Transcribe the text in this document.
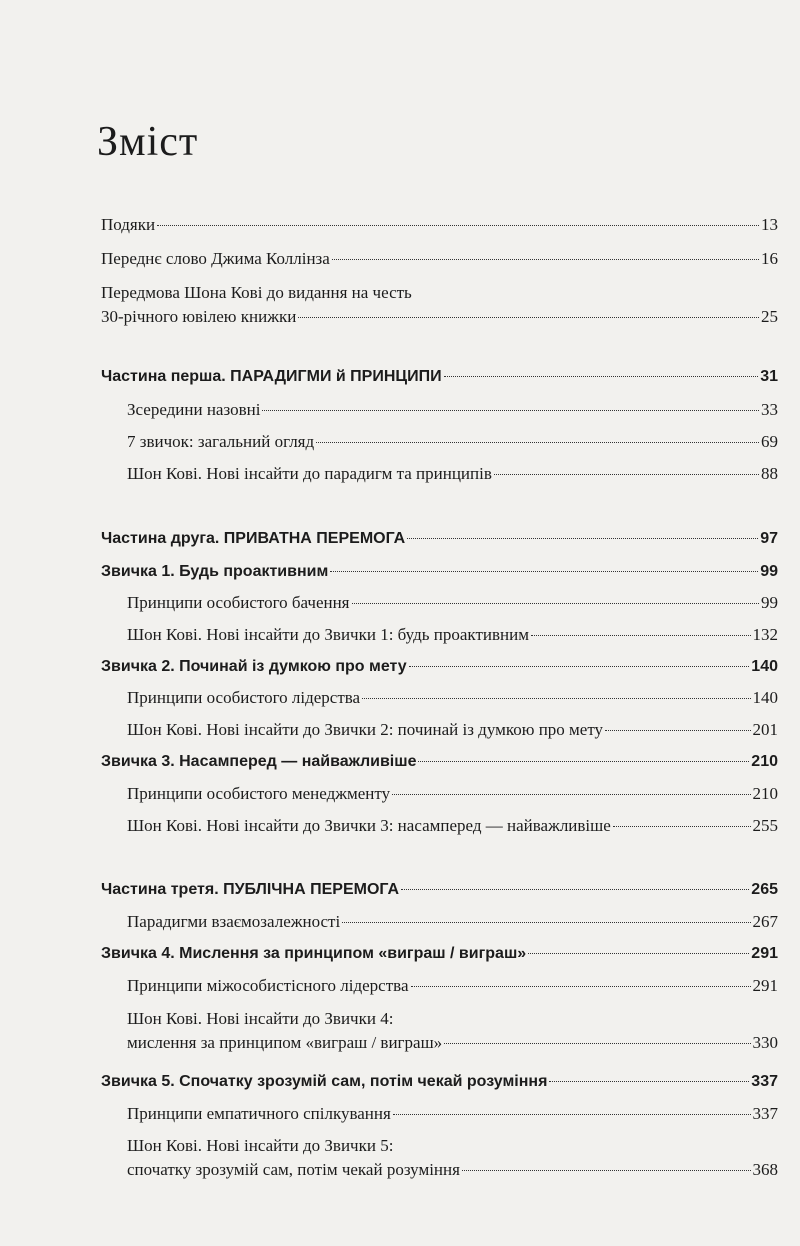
Зміст
Подяки	13
Переднє слово Джима Коллінза	16
Передмова Шона Кові до видання на честь
30-річного ювілею книжки	25
Частина перша. ПАРАДИГМИ й ПРИНЦИПИ	31
Зсередини назовні	33
7 звичок: загальний огляд	69
Шон Кові. Нові інсайти до парадигм та принципів	88
Частина друга. ПРИВАТНА ПЕРЕМОГА	97
Звичка 1. Будь проактивним	99
Принципи особистого бачення	99
Шон Кові. Нові інсайти до Звички 1: будь проактивним	132
Звичка 2. Починай із думкою про мету	140
Принципи особистого лідерства	140
Шон Кові. Нові інсайти до Звички 2: починай із думкою про мету	201
Звичка 3. Насамперед — найважливіше	210
Принципи особистого менеджменту	210
Шон Кові. Нові інсайти до Звички 3: насамперед — найважливіше	255
Частина третя. ПУБЛІЧНА ПЕРЕМОГА	265
Парадигми взаємозалежності	267
Звичка 4. Мислення за принципом «виграш / виграш»	291
Принципи міжособистісного лідерства	291
Шон Кові. Нові інсайти до Звички 4:
мислення за принципом «виграш / виграш»	330
Звичка 5. Спочатку зрозумій сам, потім чекай розуміння	337
Принципи емпатичного спілкування	337
Шон Кові. Нові інсайти до Звички 5:
спочатку зрозумій сам, потім чекай розуміння	368
